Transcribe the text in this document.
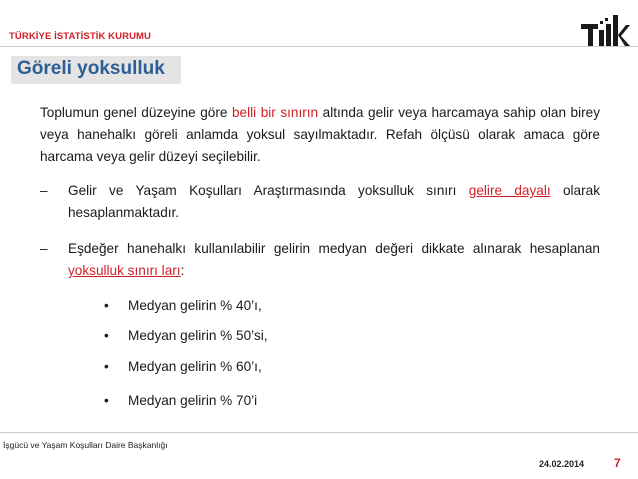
TÜRKİYE İSTATİSTİK KURUMU
Göreli yoksulluk
Toplumun genel düzeyine göre belli bir sınırın altında gelir veya harcamaya sahip olan birey veya hanehalkı göreli anlamda yoksul sayılmaktadır. Refah ölçüsü olarak amaca göre harcama veya gelir düzeyi seçilebilir.
– Gelir ve Yaşam Koşulları Araştırmasında yoksulluk sınırı gelire dayalı olarak hesaplanmaktadır.
– Eşdeğer hanehalkı kullanılabilir gelirin medyan değeri dikkate alınarak hesaplanan yoksulluk sınırı ları:
• Medyan gelirin % 40’ı,
• Medyan gelirin % 50’si,
• Medyan gelirin % 60’ı,
• Medyan gelirin % 70’i
İşgücü ve Yaşam Koşulları Daire Başkanlığı
24.02.2014 7
